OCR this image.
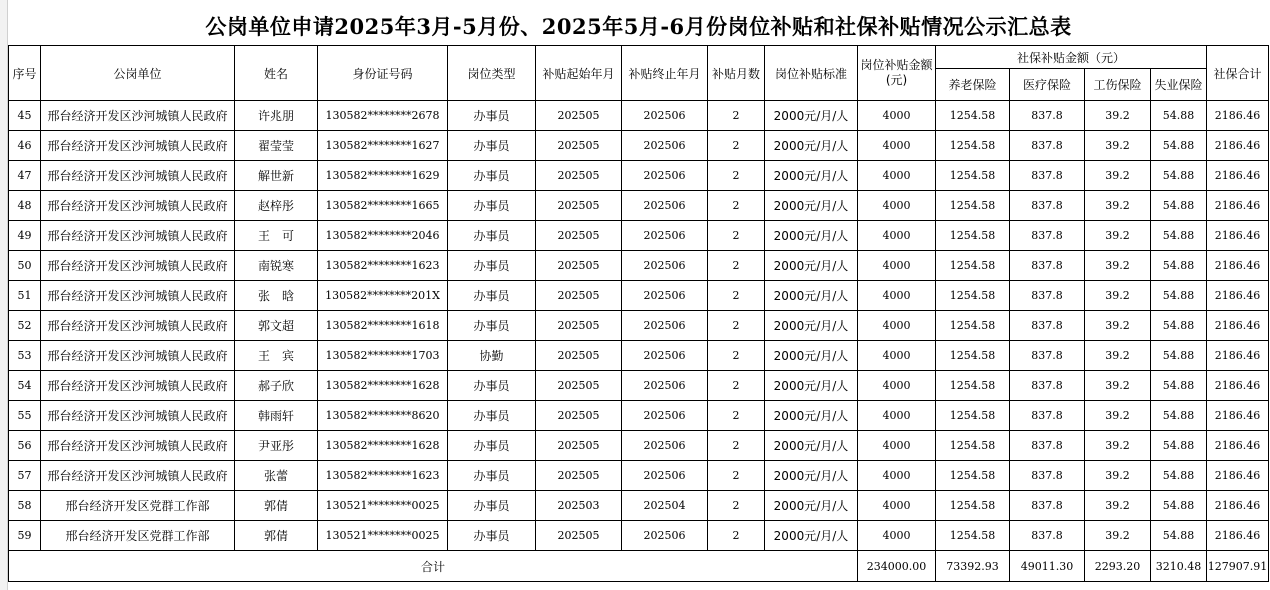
公岗单位申请2025年3月-5月份、2025年5月-6月份岗位补贴和社保补贴情况公示汇总表														
序号	公岗单位	姓名	身份证号码	岗位类型	补贴起始年月	补贴终止年月	补贴月数	岗位补贴标准	岗位补贴金额(元)	社保补贴金额（元）				社保合计
										养老保险	医疗保险	工伤保险	失业保险	
45	邢台经济开发区沙河城镇人民政府	许兆朋	130582********2678	办事员	202505	202506	2	2000元/月/人	4000	1254.58	837.8	39.2	54.88	2186.46
46	邢台经济开发区沙河城镇人民政府	翟莹莹	130582********1627	办事员	202505	202506	2	2000元/月/人	4000	1254.58	837.8	39.2	54.88	2186.46
47	邢台经济开发区沙河城镇人民政府	解世新	130582********1629	办事员	202505	202506	2	2000元/月/人	4000	1254.58	837.8	39.2	54.88	2186.46
48	邢台经济开发区沙河城镇人民政府	赵梓彤	130582********1665	办事员	202505	202506	2	2000元/月/人	4000	1254.58	837.8	39.2	54.88	2186.46
49	邢台经济开发区沙河城镇人民政府	王　可	130582********2046	办事员	202505	202506	2	2000元/月/人	4000	1254.58	837.8	39.2	54.88	2186.46
50	邢台经济开发区沙河城镇人民政府	南锐寒	130582********1623	办事员	202505	202506	2	2000元/月/人	4000	1254.58	837.8	39.2	54.88	2186.46
51	邢台经济开发区沙河城镇人民政府	张　晗	130582********201X	办事员	202505	202506	2	2000元/月/人	4000	1254.58	837.8	39.2	54.88	2186.46
52	邢台经济开发区沙河城镇人民政府	郭文超	130582********1618	办事员	202505	202506	2	2000元/月/人	4000	1254.58	837.8	39.2	54.88	2186.46
53	邢台经济开发区沙河城镇人民政府	王　宾	130582********1703	协勤	202505	202506	2	2000元/月/人	4000	1254.58	837.8	39.2	54.88	2186.46
54	邢台经济开发区沙河城镇人民政府	郝子欣	130582********1628	办事员	202505	202506	2	2000元/月/人	4000	1254.58	837.8	39.2	54.88	2186.46
55	邢台经济开发区沙河城镇人民政府	韩雨轩	130582********8620	办事员	202505	202506	2	2000元/月/人	4000	1254.58	837.8	39.2	54.88	2186.46
56	邢台经济开发区沙河城镇人民政府	尹亚彤	130582********1628	办事员	202505	202506	2	2000元/月/人	4000	1254.58	837.8	39.2	54.88	2186.46
57	邢台经济开发区沙河城镇人民政府	张蕾	130582********1623	办事员	202505	202506	2	2000元/月/人	4000	1254.58	837.8	39.2	54.88	2186.46
58	邢台经济开发区党群工作部	郭倩	130521********0025	办事员	202503	202504	2	2000元/月/人	4000	1254.58	837.8	39.2	54.88	2186.46
59	邢台经济开发区党群工作部	郭倩	130521********0025	办事员	202505	202506	2	2000元/月/人	4000	1254.58	837.8	39.2	54.88	2186.46
合计									234000.00	73392.93	49011.30	2293.20	3210.48	127907.91
